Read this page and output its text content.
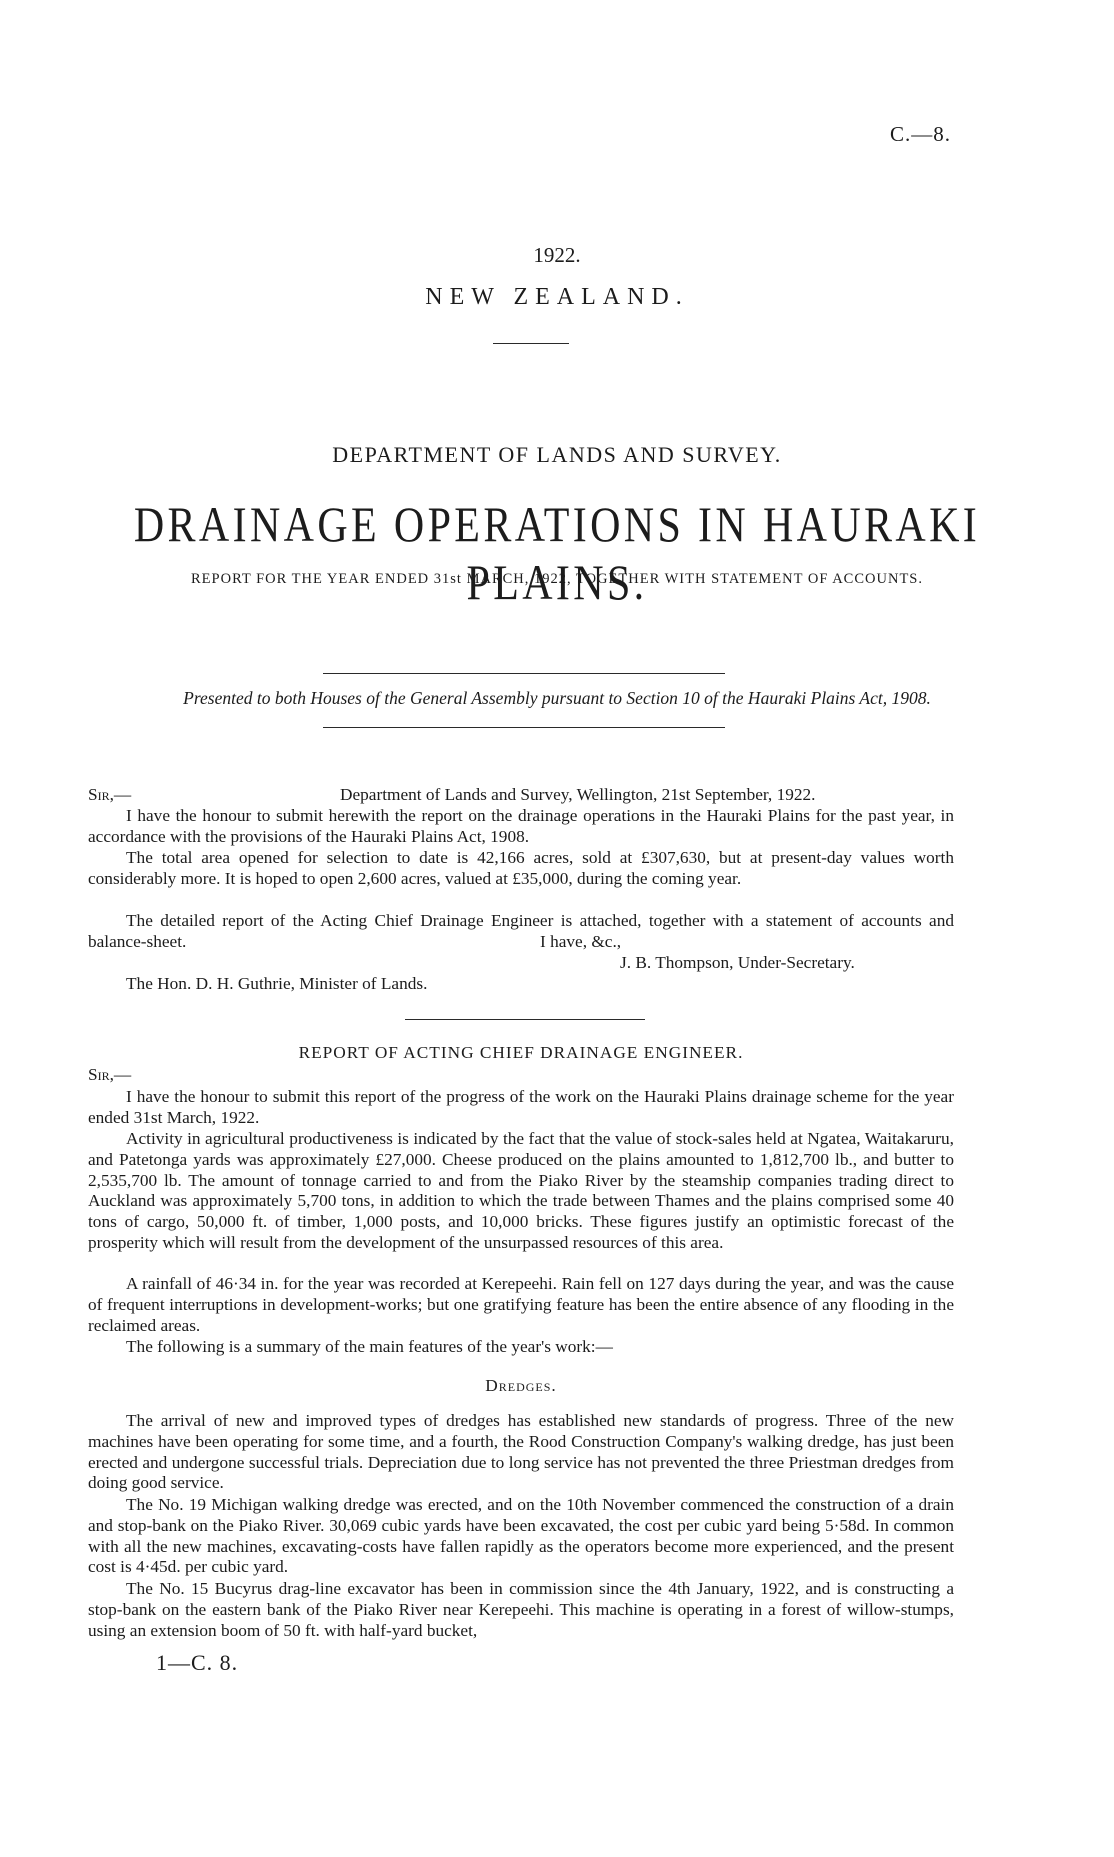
C.—8.
1922.
NEW ZEALAND.
DEPARTMENT OF LANDS AND SURVEY.
DRAINAGE OPERATIONS IN HAURAKI PLAINS.
REPORT FOR THE YEAR ENDED 31st MARCH, 1922, TOGETHER WITH STATEMENT OF ACCOUNTS.
Presented to both Houses of the General Assembly pursuant to Section 10 of the Hauraki Plains Act, 1908.
Sir,—	Department of Lands and Survey, Wellington, 21st September, 1922.
I have the honour to submit herewith the report on the drainage operations in the Hauraki Plains for the past year, in accordance with the provisions of the Hauraki Plains Act, 1908.
The total area opened for selection to date is 42,166 acres, sold at £307,630, but at present-day values worth considerably more. It is hoped to open 2,600 acres, valued at £35,000, during the coming year.
The detailed report of the Acting Chief Drainage Engineer is attached, together with a statement of accounts and balance-sheet.	I have, &c.,
J. B. Thompson, Under-Secretary.
The Hon. D. H. Guthrie, Minister of Lands.
REPORT OF ACTING CHIEF DRAINAGE ENGINEER.
Sir,—
I have the honour to submit this report of the progress of the work on the Hauraki Plains drainage scheme for the year ended 31st March, 1922.
Activity in agricultural productiveness is indicated by the fact that the value of stock-sales held at Ngatea, Waitakaruru, and Patetonga yards was approximately £27,000. Cheese produced on the plains amounted to 1,812,700 lb., and butter to 2,535,700 lb. The amount of tonnage carried to and from the Piako River by the steamship companies trading direct to Auckland was approximately 5,700 tons, in addition to which the trade between Thames and the plains comprised some 40 tons of cargo, 50,000 ft. of timber, 1,000 posts, and 10,000 bricks. These figures justify an optimistic forecast of the prosperity which will result from the development of the unsurpassed resources of this area.
A rainfall of 46·34 in. for the year was recorded at Kerepeehi. Rain fell on 127 days during the year, and was the cause of frequent interruptions in development-works; but one gratifying feature has been the entire absence of any flooding in the reclaimed areas.
The following is a summary of the main features of the year's work:—
Dredges.
The arrival of new and improved types of dredges has established new standards of progress. Three of the new machines have been operating for some time, and a fourth, the Rood Construction Company's walking dredge, has just been erected and undergone successful trials. Depreciation due to long service has not prevented the three Priestman dredges from doing good service.
The No. 19 Michigan walking dredge was erected, and on the 10th November commenced the construction of a drain and stop-bank on the Piako River. 30,069 cubic yards have been excavated, the cost per cubic yard being 5·58d. In common with all the new machines, excavating-costs have fallen rapidly as the operators become more experienced, and the present cost is 4·45d. per cubic yard.
The No. 15 Bucyrus drag-line excavator has been in commission since the 4th January, 1922, and is constructing a stop-bank on the eastern bank of the Piako River near Kerepeehi. This machine is operating in a forest of willow-stumps, using an extension boom of 50 ft. with half-yard bucket,
1—C. 8.
